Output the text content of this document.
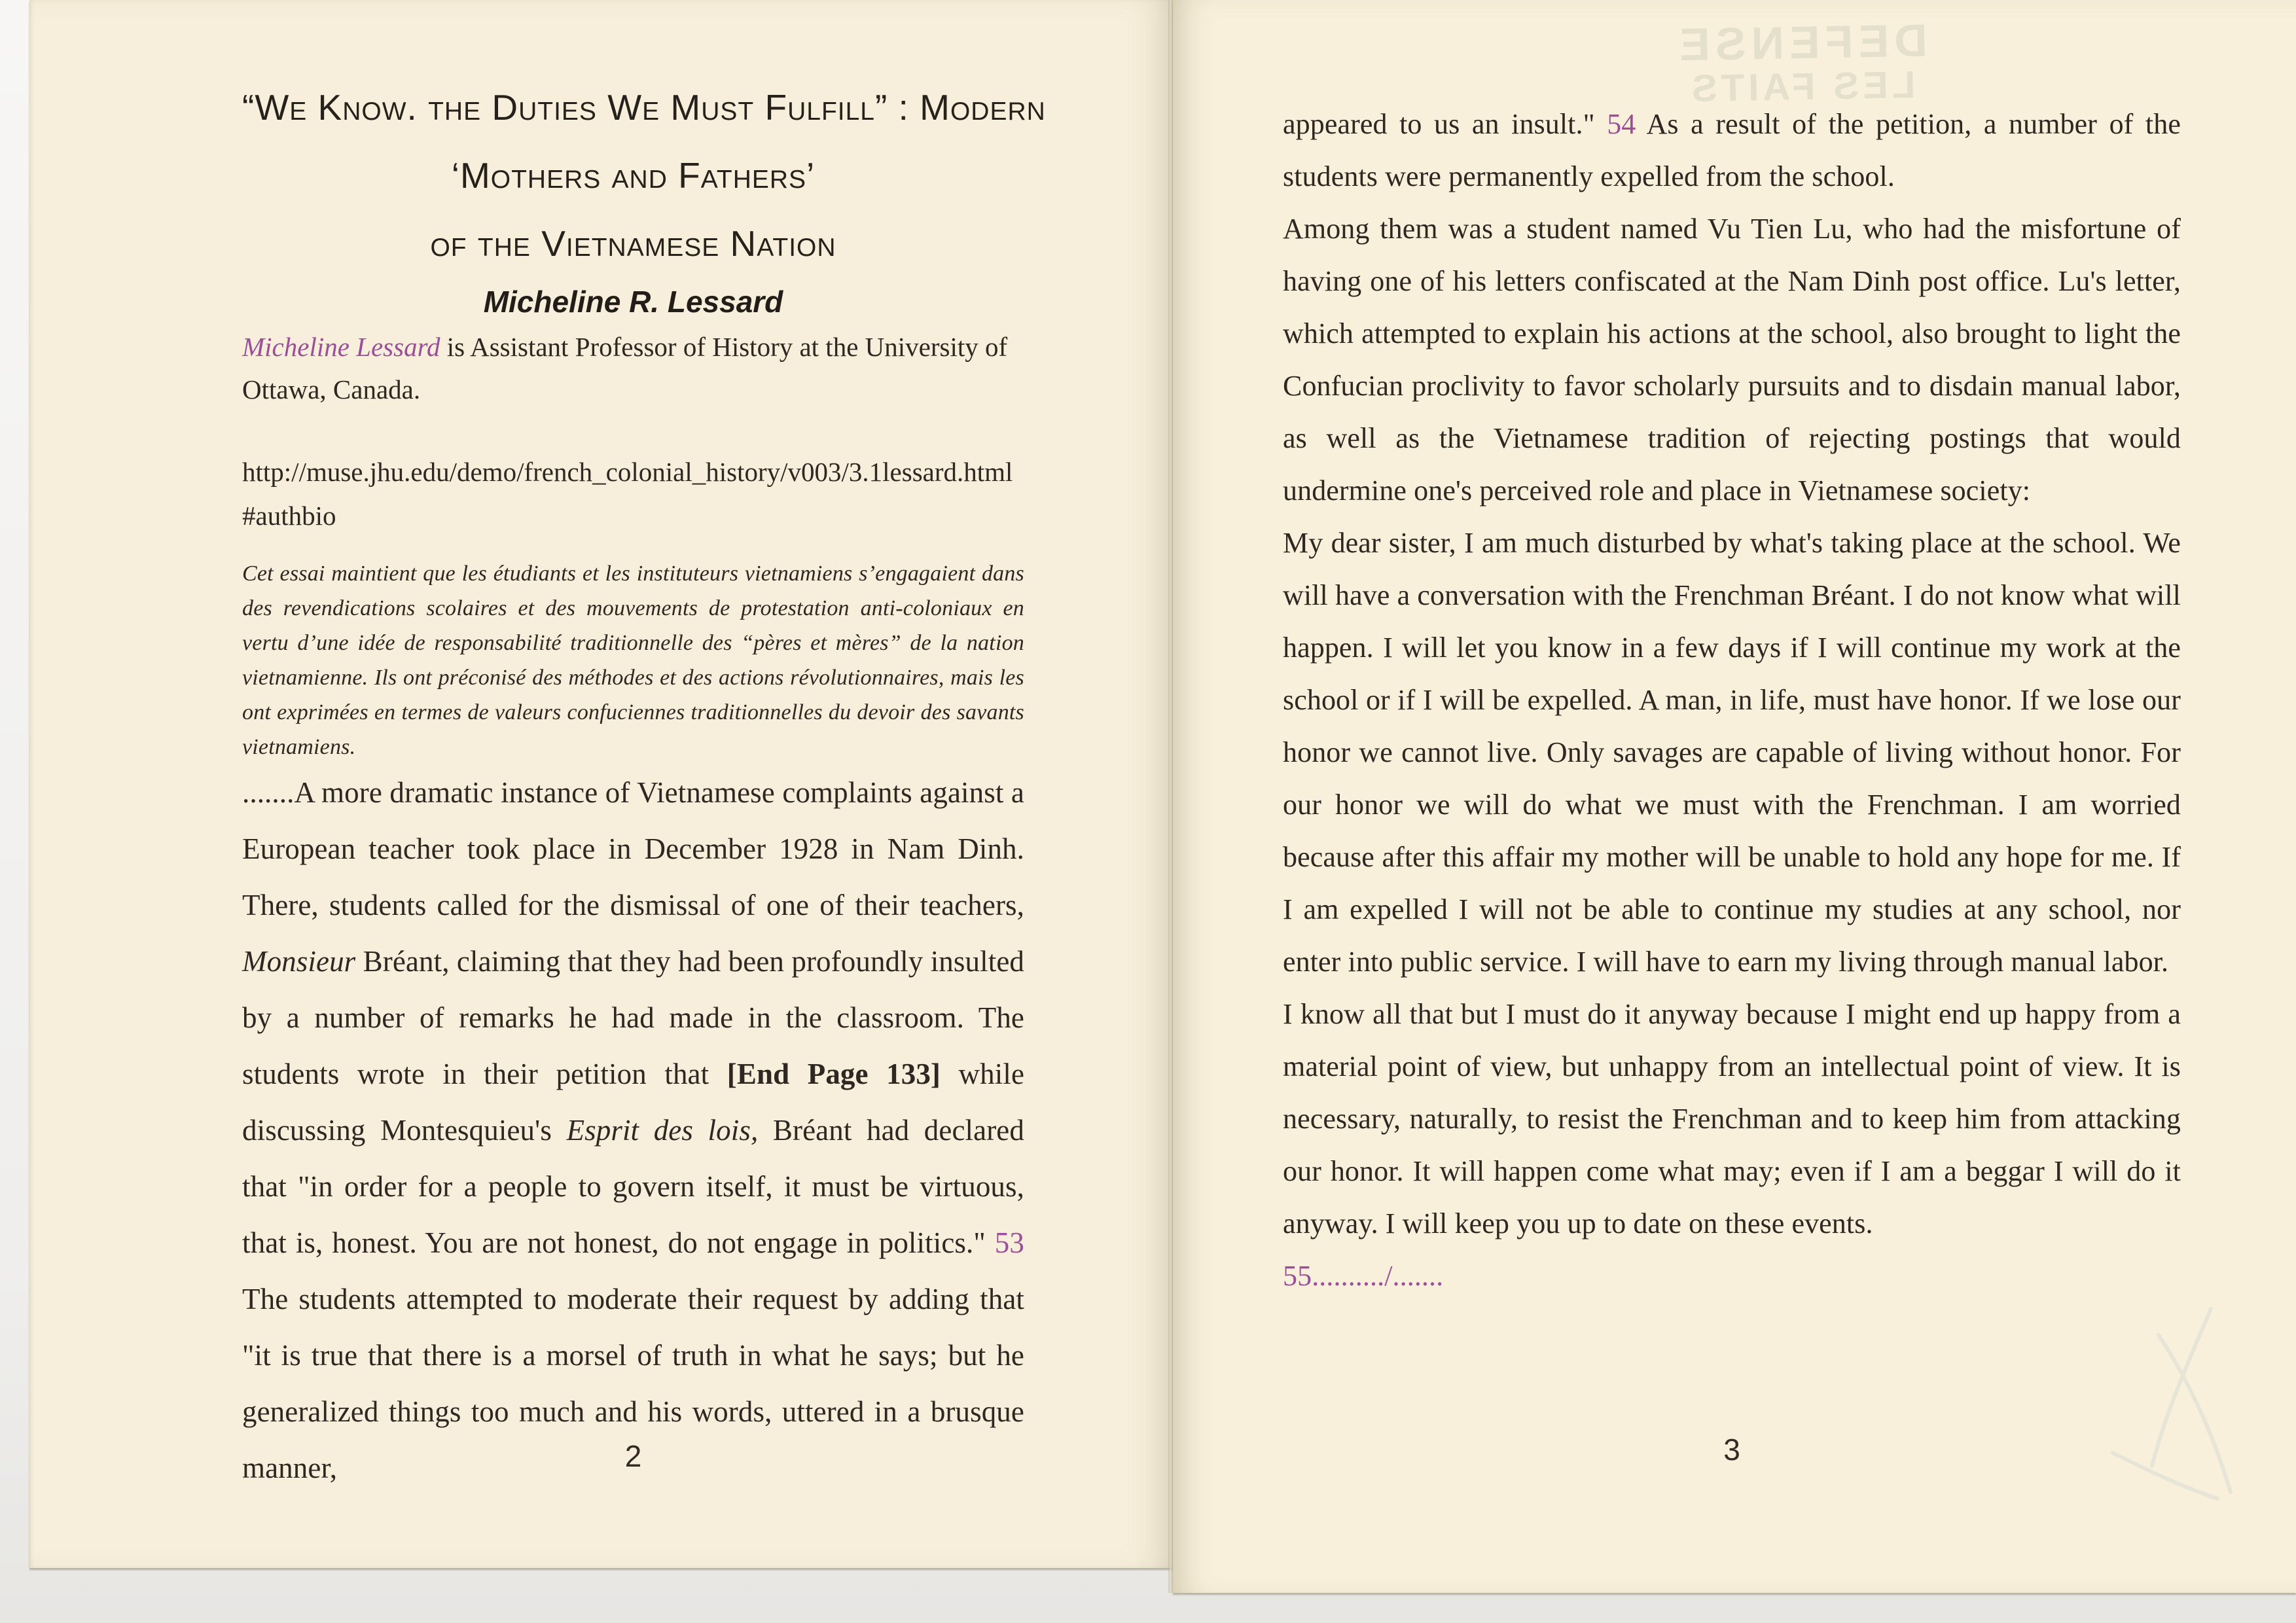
“We Know. the Duties We Must Fulfill” : Modern
‘Mothers and Fathers’
of the Vietnamese Nation
Micheline R. Lessard

Micheline Lessard is Assistant Professor of History at the University of Ottawa, Canada.

http://muse.jhu.edu/demo/french_colonial_history/v003/3.1lessard.html#authbio

Cet essai maintient que les étudiants et les instituteurs vietnamiens s’engagaient dans des revendications scolaires et des mouvements de protestation anti-coloniaux en vertu d’une idée de responsabilité traditionnelle des “pères et mères” de la nation vietnamienne. Ils ont préconisé des méthodes et des actions révolutionnaires, mais les ont exprimées en termes de valeurs confuciennes traditionnelles du devoir des savants vietnamiens.

.......A more dramatic instance of Vietnamese complaints against a European teacher took place in December 1928 in Nam Dinh. There, students called for the dismissal of one of their teachers, Monsieur Bréant, claiming that they had been profoundly insulted by a number of remarks he had made in the classroom. The students wrote in their petition that [End Page 133] while discussing Montesquieu's Esprit des lois, Bréant had declared that "in order for a people to govern itself, it must be virtuous, that is, honest. You are not honest, do not engage in politics." 53 The students attempted to moderate their request by adding that "it is true that there is a morsel of truth in what he says; but he generalized things too much and his words, uttered in a brusque manner,	2
DEFENSE
LES FAITS

appeared to us an insult." 54 As a result of the petition, a number of the students were permanently expelled from the school.

Among them was a student named Vu Tien Lu, who had the misfortune of having one of his letters confiscated at the Nam Dinh post office. Lu's letter, which attempted to explain his actions at the school, also brought to light the Confucian proclivity to favor scholarly pursuits and to disdain manual labor, as well as the Vietnamese tradition of rejecting postings that would undermine one's perceived role and place in Vietnamese society:

My dear sister, I am much disturbed by what's taking place at the school. We will have a conversation with the Frenchman Bréant. I do not know what will happen. I will let you know in a few days if I will continue my work at the school or if I will be expelled. A man, in life, must have honor. If we lose our honor we cannot live. Only savages are capable of living without honor. For our honor we will do what we must with the Frenchman. I am worried because after this affair my mother will be unable to hold any hope for me. If I am expelled I will not be able to continue my studies at any school, nor enter into public service. I will have to earn my living through manual labor.

I know all that but I must do it anyway because I might end up happy from a material point of view, but unhappy from an intellectual point of view. It is necessary, naturally, to resist the Frenchman and to keep him from attacking our honor. It will happen come what may; even if I am a beggar I will do it anyway. I will keep you up to date on these events.

55........../.......

3
